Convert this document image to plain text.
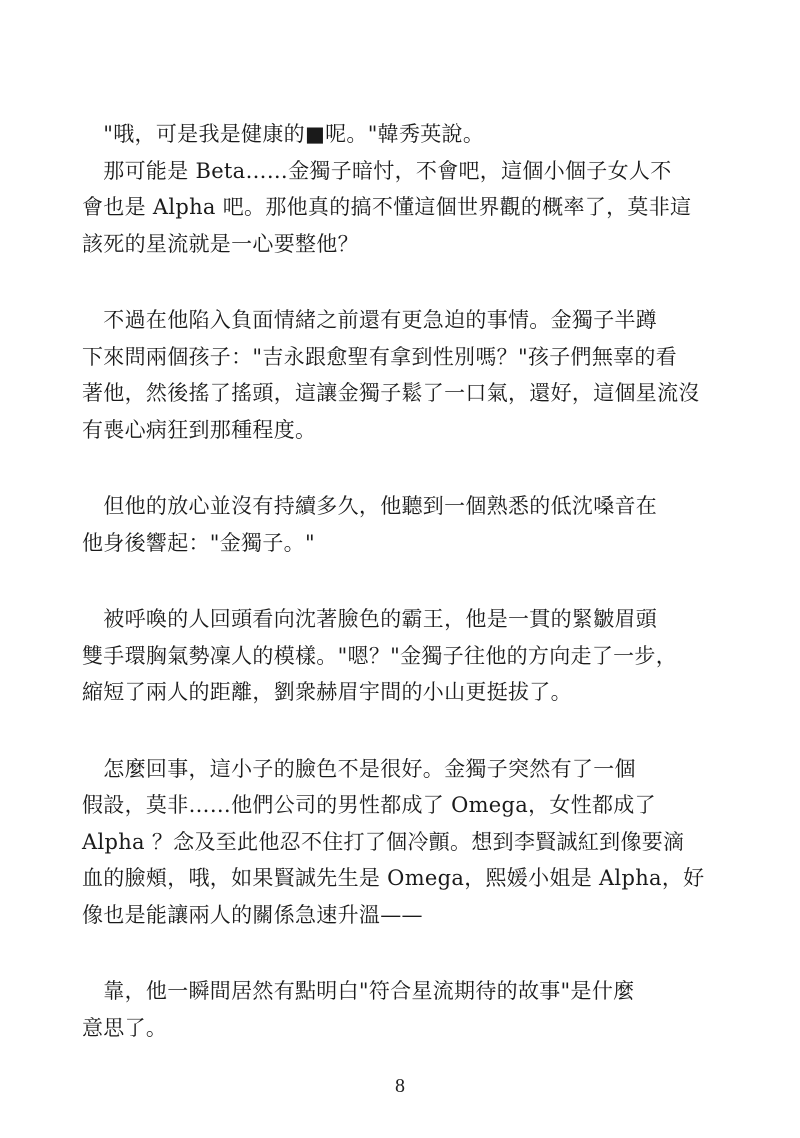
　"哦，可是我是健康的■呢。"韓秀英說。

　那可能是 Beta……金獨子暗忖，不會吧，這個小個子女人不
會也是 Alpha 吧。那他真的搞不懂這個世界觀的概率了，莫非這
該死的星流就是一心要整他？

　不過在他陷入負面情緒之前還有更急迫的事情。金獨子半蹲
下來問兩個孩子："吉永跟愈聖有拿到性別嗎？"孩子們無辜的看
著他，然後搖了搖頭，這讓金獨子鬆了一口氣，還好，這個星流沒
有喪心病狂到那種程度。

　但他的放心並沒有持續多久，他聽到一個熟悉的低沈嗓音在
他身後響起："金獨子。"

　被呼喚的人回頭看向沈著臉色的霸王，他是一貫的緊皺眉頭
雙手環胸氣勢凜人的模樣。"嗯？"金獨子往他的方向走了一步，
縮短了兩人的距離，劉衆赫眉宇間的小山更挺拔了。

　怎麼回事，這小子的臉色不是很好。金獨子突然有了一個
假設，莫非……他們公司的男性都成了 Omega，女性都成了
Alpha ？念及至此他忍不住打了個冷顫。想到李賢誠紅到像要滴
血的臉頰，哦，如果賢誠先生是 Omega，熙媛小姐是 Alpha，好
像也是能讓兩人的關係急速升溫——

　靠，他一瞬間居然有點明白"符合星流期待的故事"是什麼
意思了。

8
